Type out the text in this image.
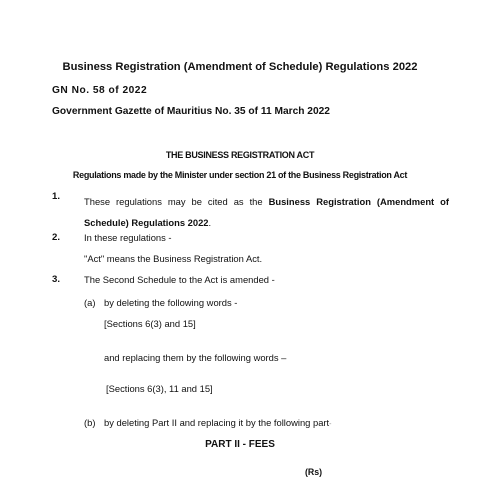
Business Registration (Amendment of Schedule) Regulations 2022
GN No. 58 of 2022
Government Gazette of Mauritius No. 35 of 11 March 2022
THE BUSINESS REGISTRATION ACT
Regulations made by the Minister under section 21 of the Business Registration Act
1.	These regulations may be cited as the Business Registration (Amendment of Schedule) Regulations 2022.
2.	In these regulations -
"Act" means the Business Registration Act.
3.	The Second Schedule to the Act is amended -
(a) by deleting the following words -
[Sections 6(3) and 15]
and replacing them by the following words –
[Sections 6(3), 11 and 15]
(b) by deleting Part II and replacing it by the following part-
PART II - FEES
(Rs)
